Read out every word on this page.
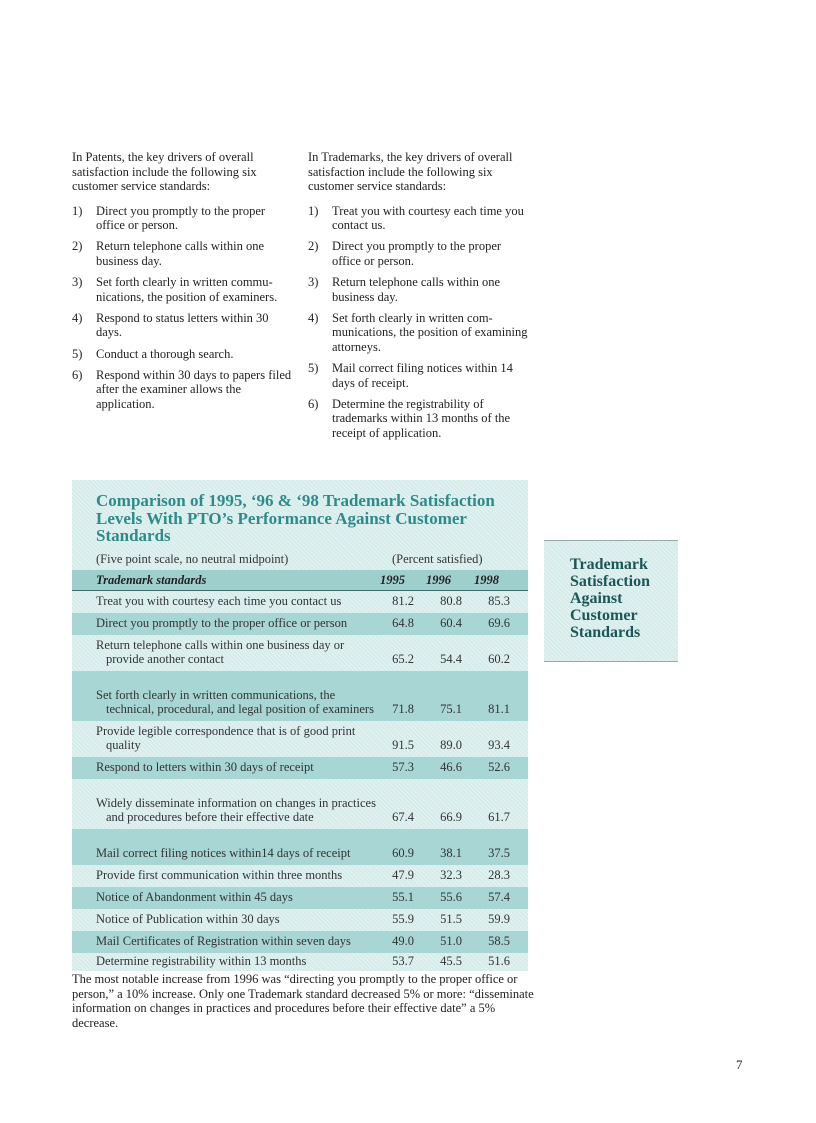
In Patents, the key drivers of overall satisfaction include the following six customer service standards:

1) Direct you promptly to the proper office or person.
2) Return telephone calls within one business day.
3) Set forth clearly in written commu-nications, the position of examiners.
4) Respond to status letters within 30 days.
5) Conduct a thorough search.
6) Respond within 30 days to papers filed after the examiner allows the application.

In Trademarks, the key drivers of overall satisfaction include the following six customer service standards:

1) Treat you with courtesy each time you contact us.
2) Direct you promptly to the proper office or person.
3) Return telephone calls within one business day.
4) Set forth clearly in written com-munications, the position of examining attorneys.
5) Mail correct filing notices within 14 days of receipt.
6) Determine the registrability of trademarks within 13 months of the receipt of application.
Comparison of 1995, ‘96 & ‘98 Trademark Satisfaction Levels With PTO’s Performance Against Customer Standards
(Five point scale, no neutral midpoint)	(Percent satisfied)
Trademark standards	1995 1996 1998
Treat you with courtesy each time you contact us	81.2	80.8	85.3
Direct you promptly to the proper office or person	64.8	60.4	69.6
Return telephone calls within one business day or provide another contact	65.2	54.4	60.2
Set forth clearly in written communications, the technical, procedural, and legal position of examiners	71.8	75.1	81.1
Provide legible correspondence that is of good print quality	91.5	89.0	93.4
Respond to letters within 30 days of receipt	57.3	46.6	52.6
Widely disseminate information on changes in practices and procedures before their effective date	67.4	66.9	61.7
Mail correct filing notices within14 days of receipt	60.9	38.1	37.5
Provide first communication within three months	47.9	32.3	28.3
Notice of Abandonment within 45 days	55.1	55.6	57.4
Notice of Publication within 30 days	55.9	51.5	59.9
Mail Certificates of Registration within seven days	49.0	51.0	58.5
Determine registrability within 13 months	53.7	45.5	51.6
Trademark Satisfaction Against Customer Standards

The most notable increase from 1996 was “directing you promptly to the proper office or person,” a 10% increase. Only one Trademark standard decreased 5% or more: “disseminate information on changes in practices and procedures before their effective date” a 5% decrease.

7
